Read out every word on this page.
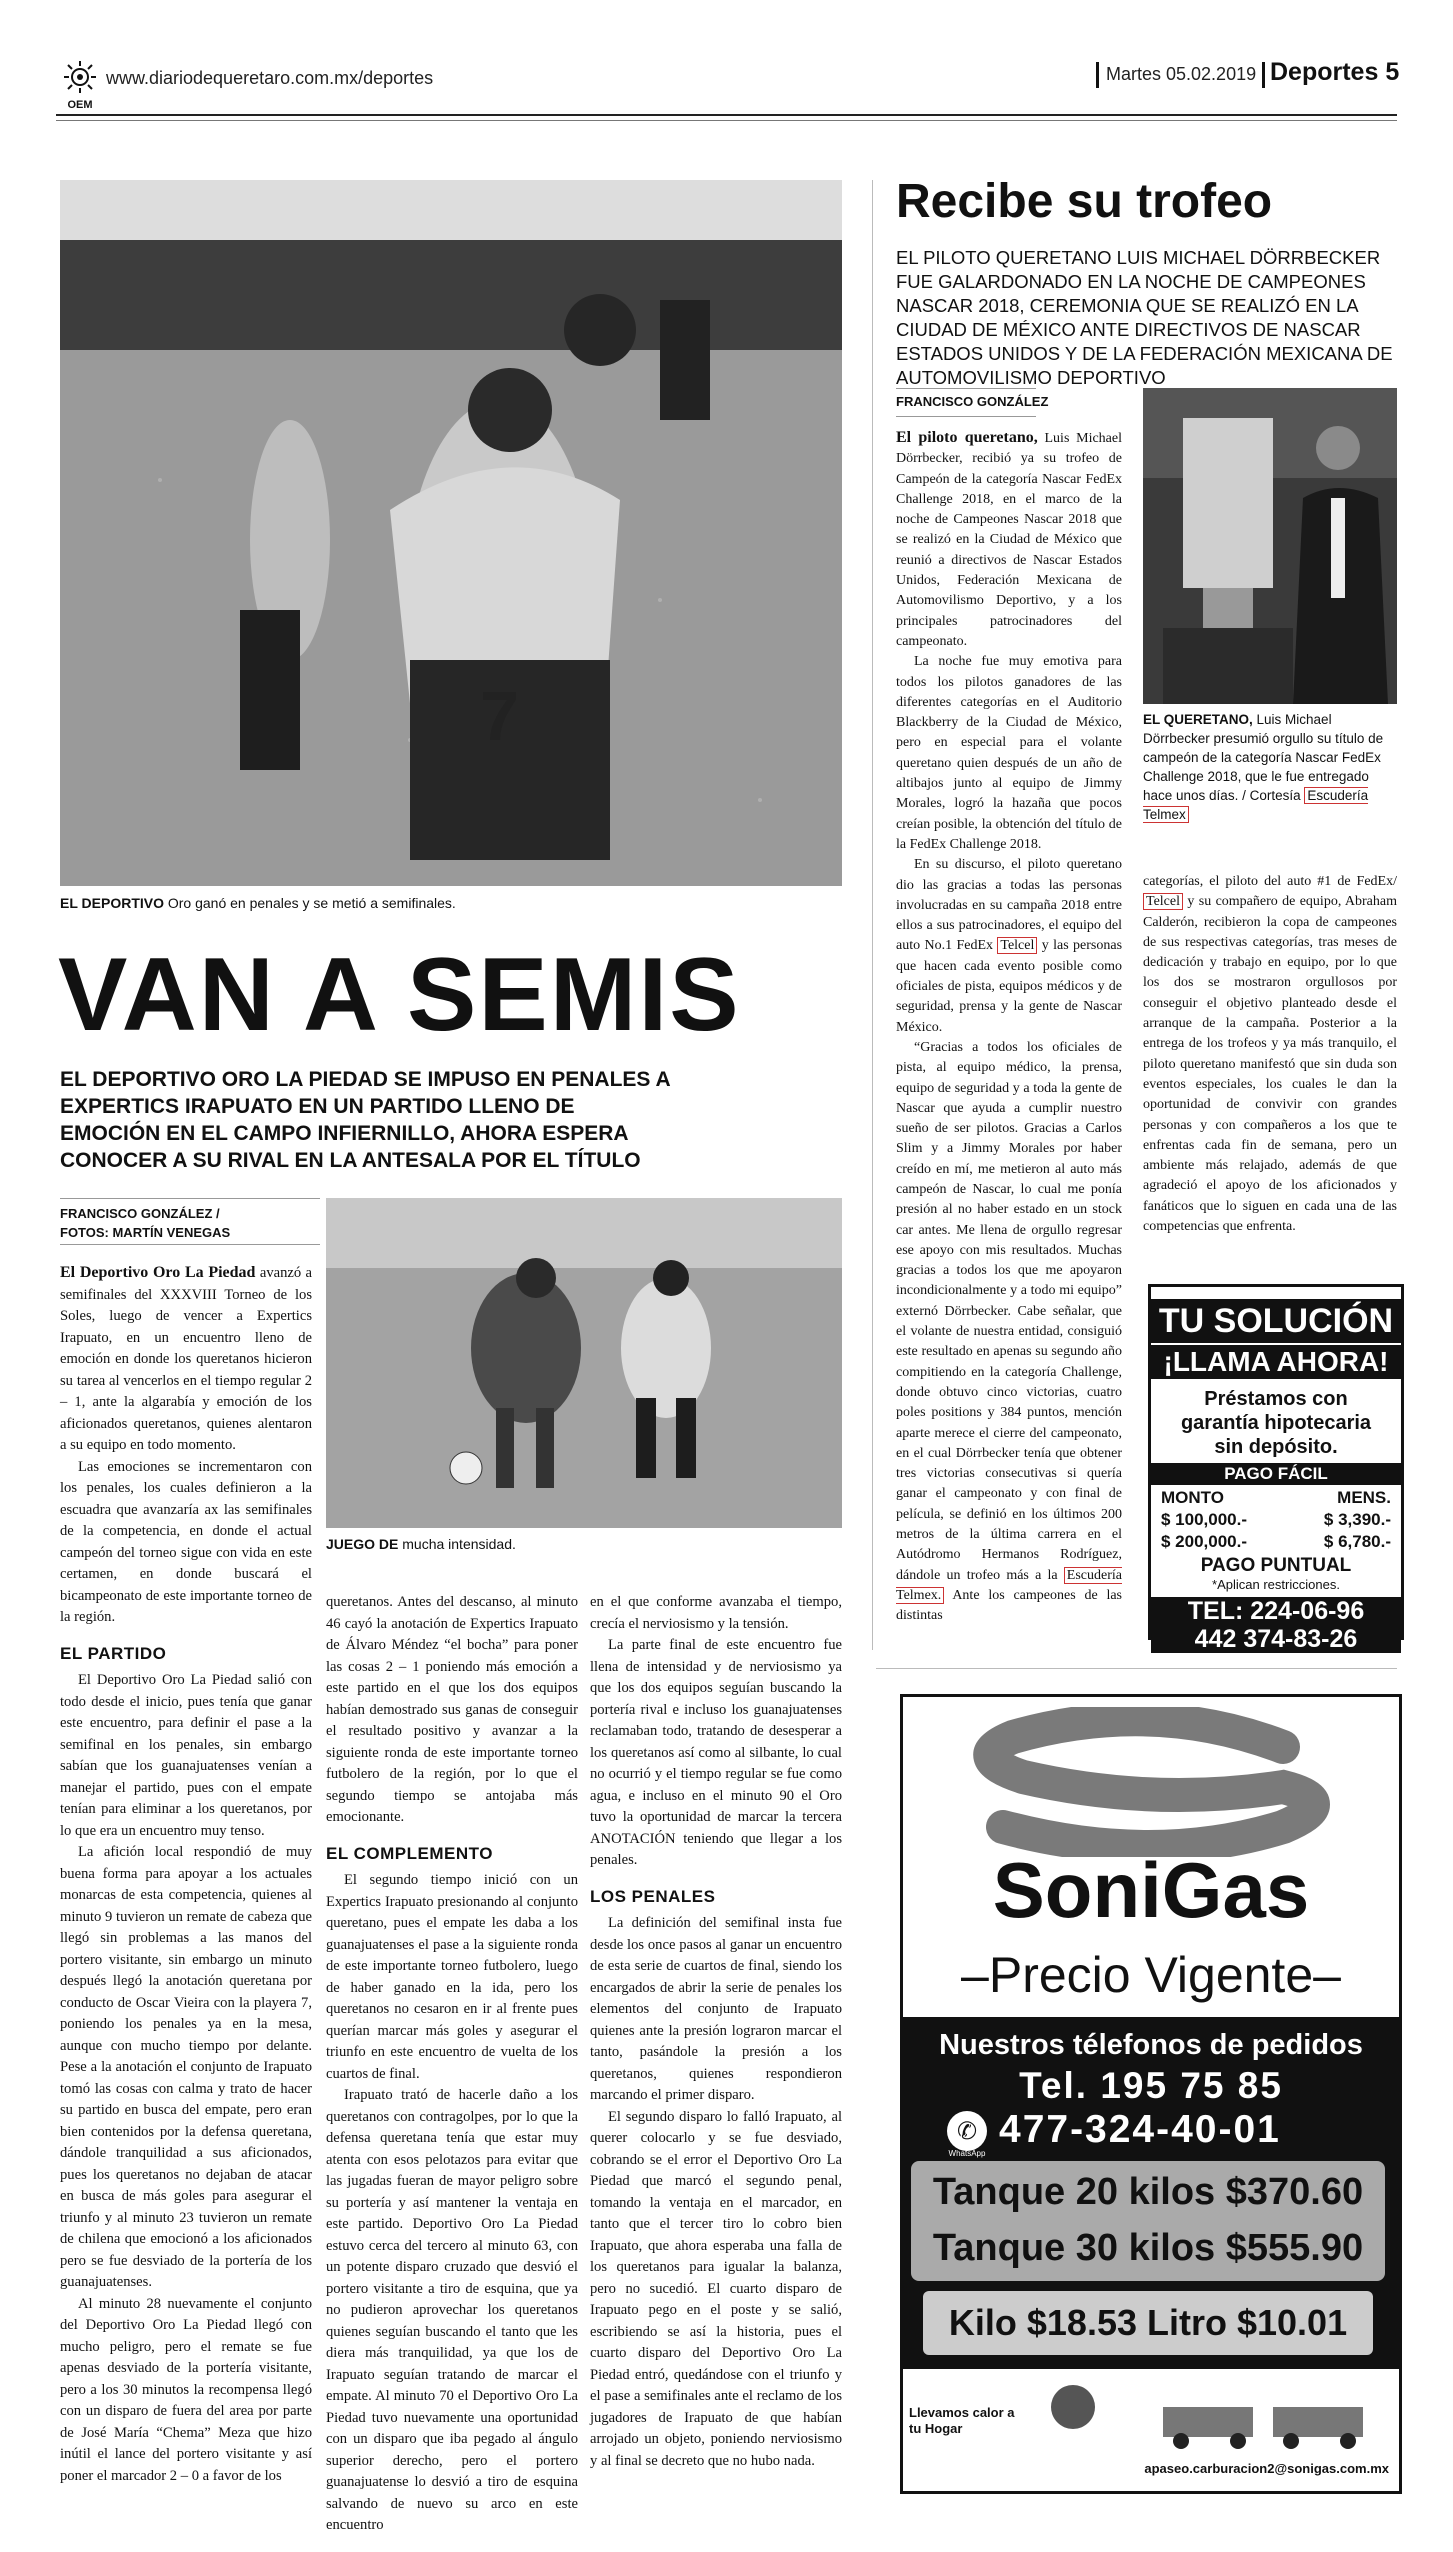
OEM
www.diariodequeretaro.com.mx/deportes	Martes 05.02.2019 Deportes 5
7
EL DEPORTIVO Oro ganó en penales y se metió a semifinales.
VAN A SEMIS
EL DEPORTIVO ORO LA PIEDAD SE IMPUSO EN PENALES A EXPERTICS IRAPUATO EN UN PARTIDO LLENO DE EMOCIÓN EN EL CAMPO INFIERNILLO, AHORA ESPERA CONOCER A SU RIVAL EN LA ANTESALA POR EL TÍTULO
FRANCISCO GONZÁLEZ /
FOTOS: MARTÍN VENEGAS
JUEGO DE mucha intensidad.

El Deportivo Oro La Piedad avanzó a semifinales del XXXVIII Torneo de los Soles, luego de vencer a Expertics Irapuato, en un encuentro lleno de emoción en donde los queretanos hicieron su tarea al vencerlos en el tiempo regular 2 – 1, ante la algarabía y emoción de los aficionados queretanos, quienes alentaron a su equipo en todo momento.

Las emociones se incrementaron con los penales, los cuales definieron a la escuadra que avanzaría ax las semifinales de la competencia, en donde el actual campeón del torneo sigue con vida en este certamen, en donde buscará el bicampeonato de este importante torneo de la región.

EL PARTIDO

El Deportivo Oro La Piedad salió con todo desde el inicio, pues tenía que ganar este encuentro, para definir el pase a la semifinal en los penales, sin embargo sabían que los guanajuatenses venían a manejar el partido, pues con el empate tenían para eliminar a los queretanos, por lo que era un encuentro muy tenso.

La afición local respondió de muy buena forma para apoyar a los actuales monarcas de esta competencia, quienes al minuto 9 tuvieron un remate de cabeza que llegó sin problemas a las manos del portero visitante, sin embargo un minuto después llegó la anotación queretana por conducto de Oscar Vieira con la playera 7, poniendo los penales ya en la mesa, aunque con mucho tiempo por delante. Pese a la anotación el conjunto de Irapuato tomó las cosas con calma y trato de hacer su partido en busca del empate, pero eran bien contenidos por la defensa queretana, dándole tranquilidad a sus aficionados, pues los queretanos no dejaban de atacar en busca de más goles para asegurar el triunfo y al minuto 23 tuvieron un remate de chilena que emocionó a los aficionados pero se fue desviado de la portería de los guanajuatenses.

Al minuto 28 nuevamente el conjunto del Deportivo Oro La Piedad llegó con mucho peligro, pero el remate se fue apenas desviado de la portería visitante, pero a los 30 minutos la recompensa llegó con un disparo de fuera del area por parte de José María “Chema” Meza que hizo inútil el lance del portero visitante y así poner el marcador 2 – 0 a favor de los

queretanos. Antes del descanso, al minuto 46 cayó la anotación de Expertics Irapuato de Álvaro Méndez “el bocha” para poner las cosas 2 – 1 poniendo más emoción a este partido en el que los dos equipos habían demostrado sus ganas de conseguir el resultado positivo y avanzar a la siguiente ronda de este importante torneo futbolero de la región, por lo que el segundo tiempo se antojaba más emocionante.

EL COMPLEMENTO

El segundo tiempo inició con un Expertics Irapuato presionando al conjunto queretano, pues el empate les daba a los guanajuatenses el pase a la siguiente ronda de este importante torneo futbolero, luego de haber ganado en la ida, pero los queretanos no cesaron en ir al frente pues querían marcar más goles y asegurar el triunfo en este encuentro de vuelta de los cuartos de final.

Irapuato trató de hacerle daño a los queretanos con contragolpes, por lo que la defensa queretana tenía que estar muy atenta con esos pelotazos para evitar que las jugadas fueran de mayor peligro sobre su portería y así mantener la ventaja en este partido. Deportivo Oro La Piedad estuvo cerca del tercero al minuto 63, con un potente disparo cruzado que desvió el portero visitante a tiro de esquina, que ya no pudieron aprovechar los queretanos quienes seguían buscando el tanto que les diera más tranquilidad, ya que los de Irapuato seguían tratando de marcar el empate. Al minuto 70 el Deportivo Oro La Piedad tuvo nuevamente una oportunidad con un disparo que iba pegado al ángulo superior derecho, pero el portero guanajuatense lo desvió a tiro de esquina salvando de nuevo su arco en este encuentro

en el que conforme avanzaba el tiempo, crecía el nerviosismo y la tensión.

La parte final de este encuentro fue llena de intensidad y de nerviosismo ya que los dos equipos seguían buscando la portería rival e incluso los guanajuatenses reclamaban todo, tratando de desesperar a los queretanos así como al silbante, lo cual no ocurrió y el tiempo regular se fue como agua, e incluso en el minuto 90 el Oro tuvo la oportunidad de marcar la tercera ANOTACIÓN teniendo que llegar a los penales.

LOS PENALES

La definición del semifinal insta fue desde los once pasos al ganar un encuentro de esta serie de cuartos de final, siendo los encargados de abrir la serie de penales los elementos del conjunto de Irapuato quienes ante la presión lograron marcar el tanto, pasándole la presión a los queretanos, quienes respondieron marcando el primer disparo.

El segundo disparo lo falló Irapuato, al querer colocarlo y se fue desviado, cobrando se el error el Deportivo Oro La Piedad que marcó el segundo penal, tomando la ventaja en el marcador, en tanto que el tercer tiro lo cobro bien Irapuato, que ahora esperaba una falla de los queretanos para igualar la balanza, pero no sucedió. El cuarto disparo de Irapuato pego en el poste y se salió, escribiendo se así la historia, pues el cuarto disparo del Deportivo Oro La Piedad entró, quedándose con el triunfo y el pase a semifinales ante el reclamo de los jugadores de Irapuato de que habían arrojado un objeto, poniendo nerviosismo y al final se decreto que no hubo nada.

Recibe su trofeo
EL PILOTO QUERETANO LUIS MICHAEL DÖRRBECKER FUE GALARDONADO EN LA NOCHE DE CAMPEONES NASCAR 2018, CEREMONIA QUE SE REALIZÓ EN LA CIUDAD DE MÉXICO ANTE DIRECTIVOS DE NASCAR ESTADOS UNIDOS Y DE LA FEDERACIÓN MEXICANA DE AUTOMOVILISMO DEPORTIVO
FRANCISCO GONZÁLEZ

El piloto queretano, Luis Michael Dörrbecker, recibió ya su trofeo de Campeón de la categoría Nascar FedEx Challenge 2018, en el marco de la noche de Campeones Nascar 2018 que se realizó en la Ciudad de México que reunió a directivos de Nascar Estados Unidos, Federación Mexicana de Automovilismo Deportivo, y a los principales patrocinadores del campeonato.

La noche fue muy emotiva para todos los pilotos ganadores de las diferentes categorías en el Auditorio Blackberry de la Ciudad de México, pero en especial para el volante queretano quien después de un año de altibajos junto al equipo de Jimmy Morales, logró la hazaña que pocos creían posible, la obtención del título de la FedEx Challenge 2018.

En su discurso, el piloto queretano dio las gracias a todas las personas involucradas en su campaña 2018 entre ellos a sus patrocinadores, el equipo del auto No.1 FedEx Telcel y las personas que hacen cada evento posible como oficiales de pista, equipos médicos y de seguridad, prensa y la gente de Nascar México.

“Gracias a todos los oficiales de pista, al equipo médico, la prensa, equipo de seguridad y a toda la gente de Nascar que ayuda a cumplir nuestro sueño de ser pilotos. Gracias a Carlos Slim y a Jimmy Morales por haber creído en mí, me metieron al auto más campeón de Nascar, lo cual me ponía presión al no haber estado en un stock car antes. Me llena de orgullo regresar ese apoyo con mis resultados. Muchas gracias a todos los que me apoyaron incondicionalmente y a todo mi equipo” externó Dörrbecker. Cabe señalar, que el volante de nuestra entidad, consiguió este resultado en apenas su segundo año compitiendo en la categoría Challenge, donde obtuvo cinco victorias, cuatro poles positions y 384 puntos, mención aparte merece el cierre del campeonato, en el cual Dörrbecker tenía que obtener tres victorias consecutivas si quería ganar el campeonato y con final de película, se definió en los últimos 200 metros de la última carrera en el Autódromo Hermanos Rodríguez, dándole un trofeo más a la Escudería Telmex. Ante los campeones de las distintas

EL QUERETANO, Luis Michael Dörrbecker presumió orgullo su título de campeón de la categoría Nascar FedEx Challenge 2018, que le fue entregado hace unos días. / Cortesía Escudería Telmex

categorías, el piloto del auto #1 de FedEx/ Telcel y su compañero de equipo, Abraham Calderón, recibieron la copa de campeones de sus respectivas categorías, tras meses de dedicación y trabajo en equipo, por lo que los dos se mostraron orgullosos por conseguir el objetivo planteado desde el arranque de la campaña. Posterior a la entrega de los trofeos y ya más tranquilo, el piloto queretano manifestó que sin duda son eventos especiales, los cuales le dan la oportunidad de convivir con grandes personas y con compañeros a los que te enfrentas cada fin de semana, pero un ambiente más relajado, además de que agradeció el apoyo de los aficionados y fanáticos que lo siguen en cada una de las competencias que enfrenta.

TU SOLUCIÓN
¡LLAMA AHORA!
Préstamos con garantía hipotecaria sin depósito.
PAGO FÁCIL
MONTO	MENS.
$ 100,000.-	$ 3,390.-
$ 200,000.-	$ 6,780.-
PAGO PUNTUAL
*Aplican restricciones.
TEL: 224-06-96
442 374-83-26
SoniGas
–Precio Vigente–
Nuestros télefonos de pedidos
Tel. 195 75 85
✆
WhatsApp
477-324-40-01
Tanque 20 kilos $370.60
Tanque 30 kilos $555.90
Kilo $18.53 Litro $10.01
Llevamos calor a tu Hogar
apaseo.carburacion2@sonigas.com.mx
